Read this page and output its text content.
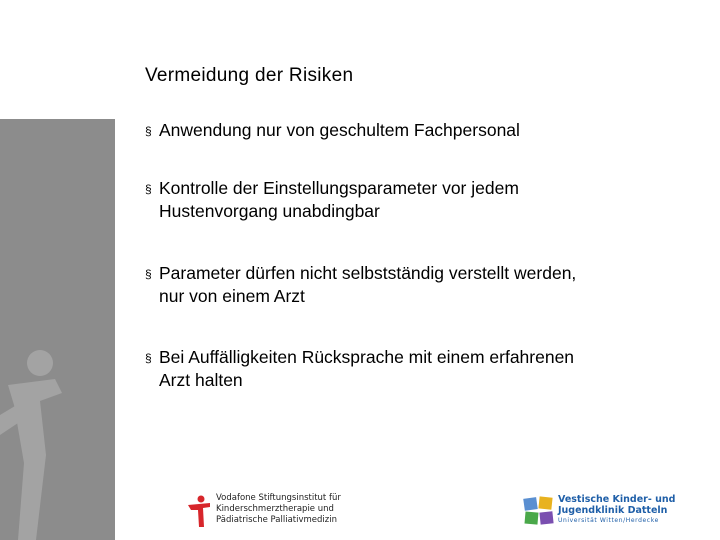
Vermeidung der Risiken
§ Anwendung nur von geschultem Fachpersonal
§ Kontrolle der Einstellungsparameter vor jedem
Hustenvorgang unabdingbar
§ Parameter dürfen nicht selbstständig verstellt werden,
nur von einem Arzt
§ Bei Auffälligkeiten Rücksprache mit einem erfahrenen
Arzt halten
Vodafone Stiftungsinstitut für
Kinderschmerztherapie und
Pädiatrische Palliativmedizin
Vestische Kinder- und
Jugendklinik Datteln
Universität Witten/Herdecke
